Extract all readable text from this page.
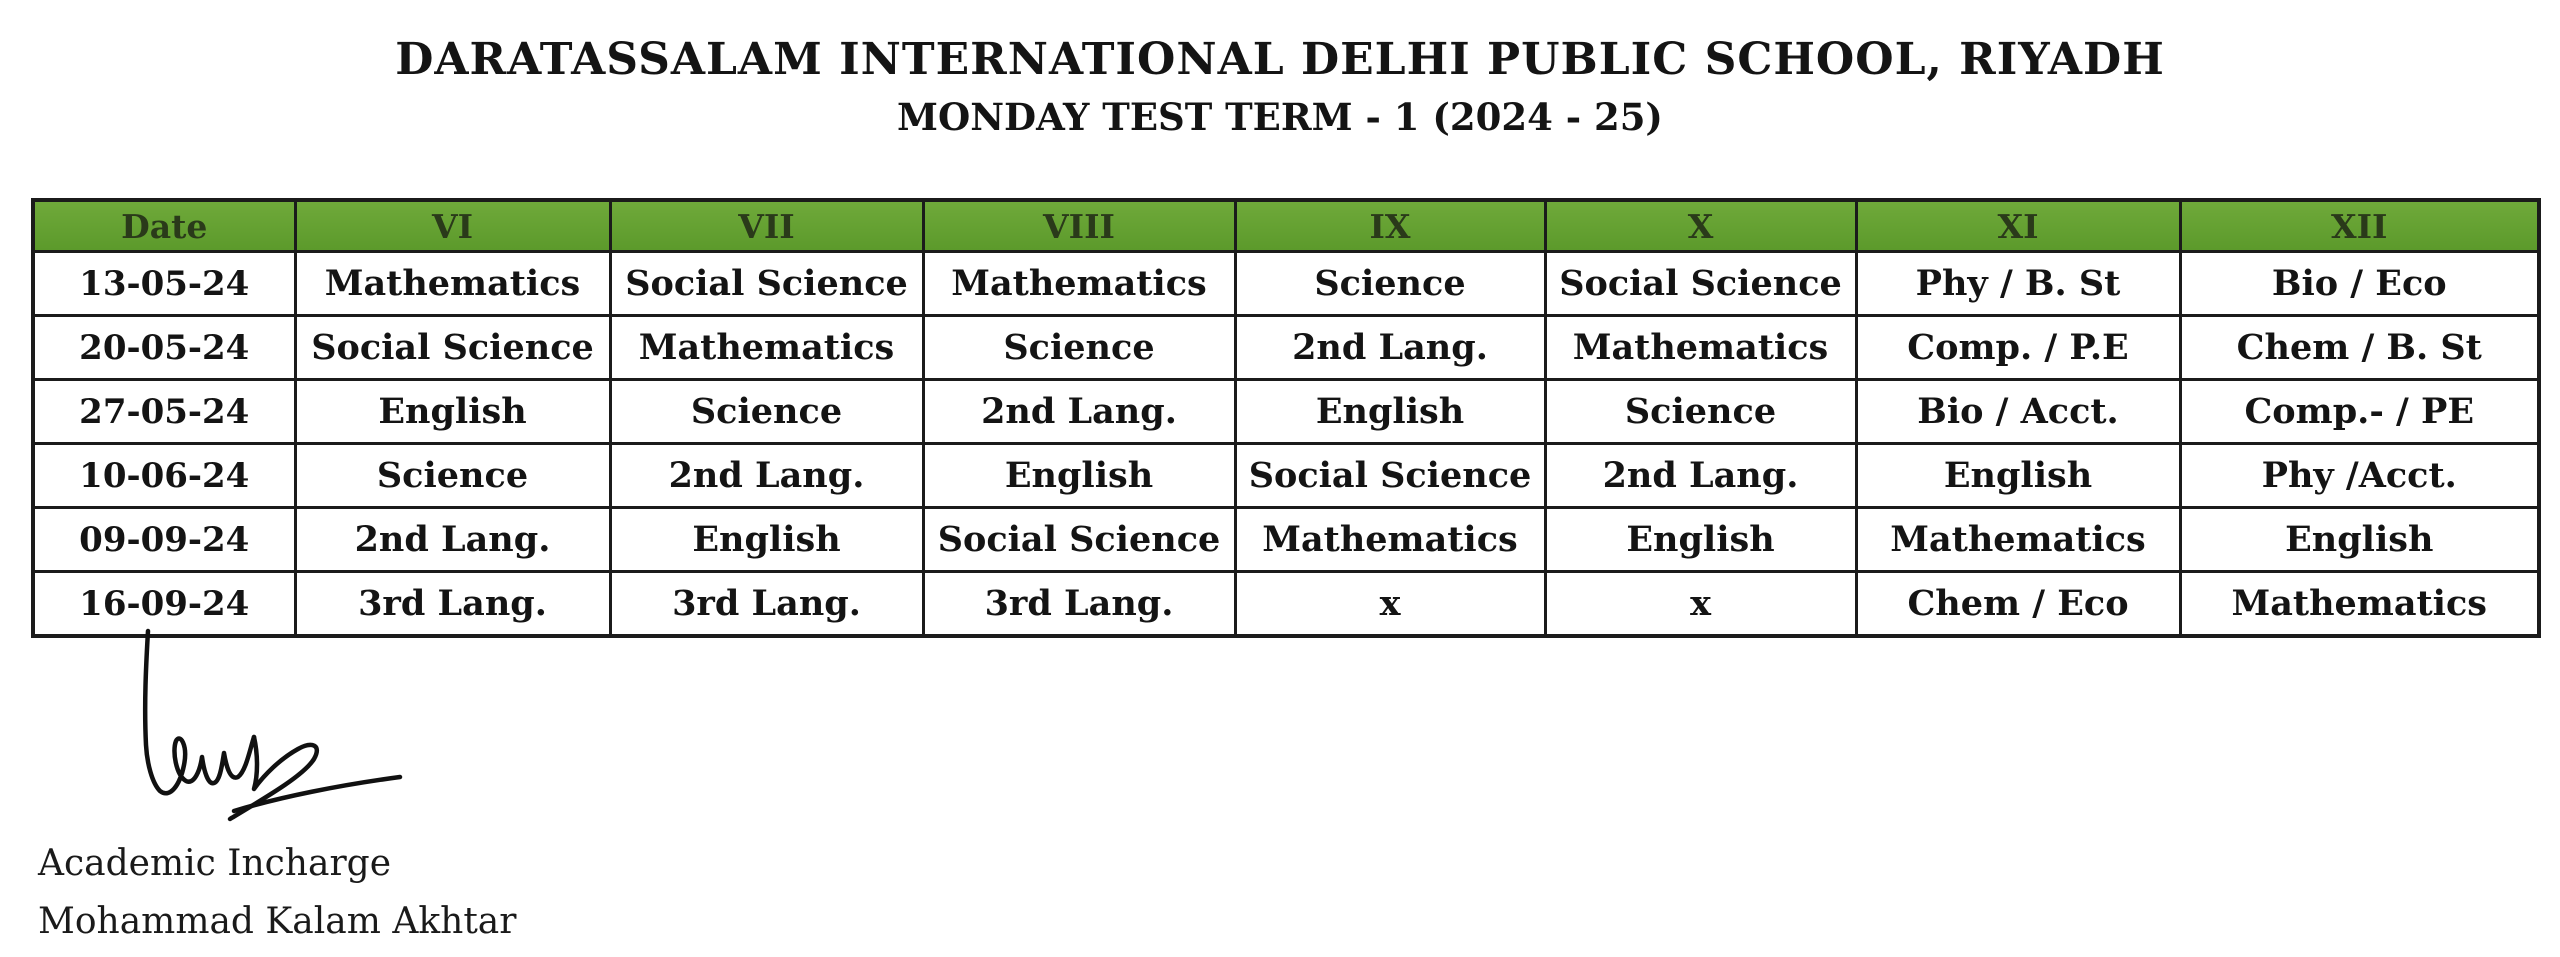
DARATASSALAM INTERNATIONAL DELHI PUBLIC SCHOOL, RIYADH
MONDAY TEST TERM - 1 (2024 - 25)
Date	VI	VII	VIII	IX	X	XI	XII
13-05-24	Mathematics	Social Science	Mathematics	Science	Social Science	Phy / B. St	Bio / Eco
20-05-24	Social Science	Mathematics	Science	2nd Lang.	Mathematics	Comp. / P.E	Chem / B. St
27-05-24	English	Science	2nd Lang.	English	Science	Bio / Acct.	Comp.- / PE
10-06-24	Science	2nd Lang.	English	Social Science	2nd Lang.	English	Phy /Acct.
09-09-24	2nd Lang.	English	Social Science	Mathematics	English	Mathematics	English
16-09-24	3rd Lang.	3rd Lang.	3rd Lang.	x	x	Chem / Eco	Mathematics

Academic Incharge

Mohammad Kalam Akhtar
